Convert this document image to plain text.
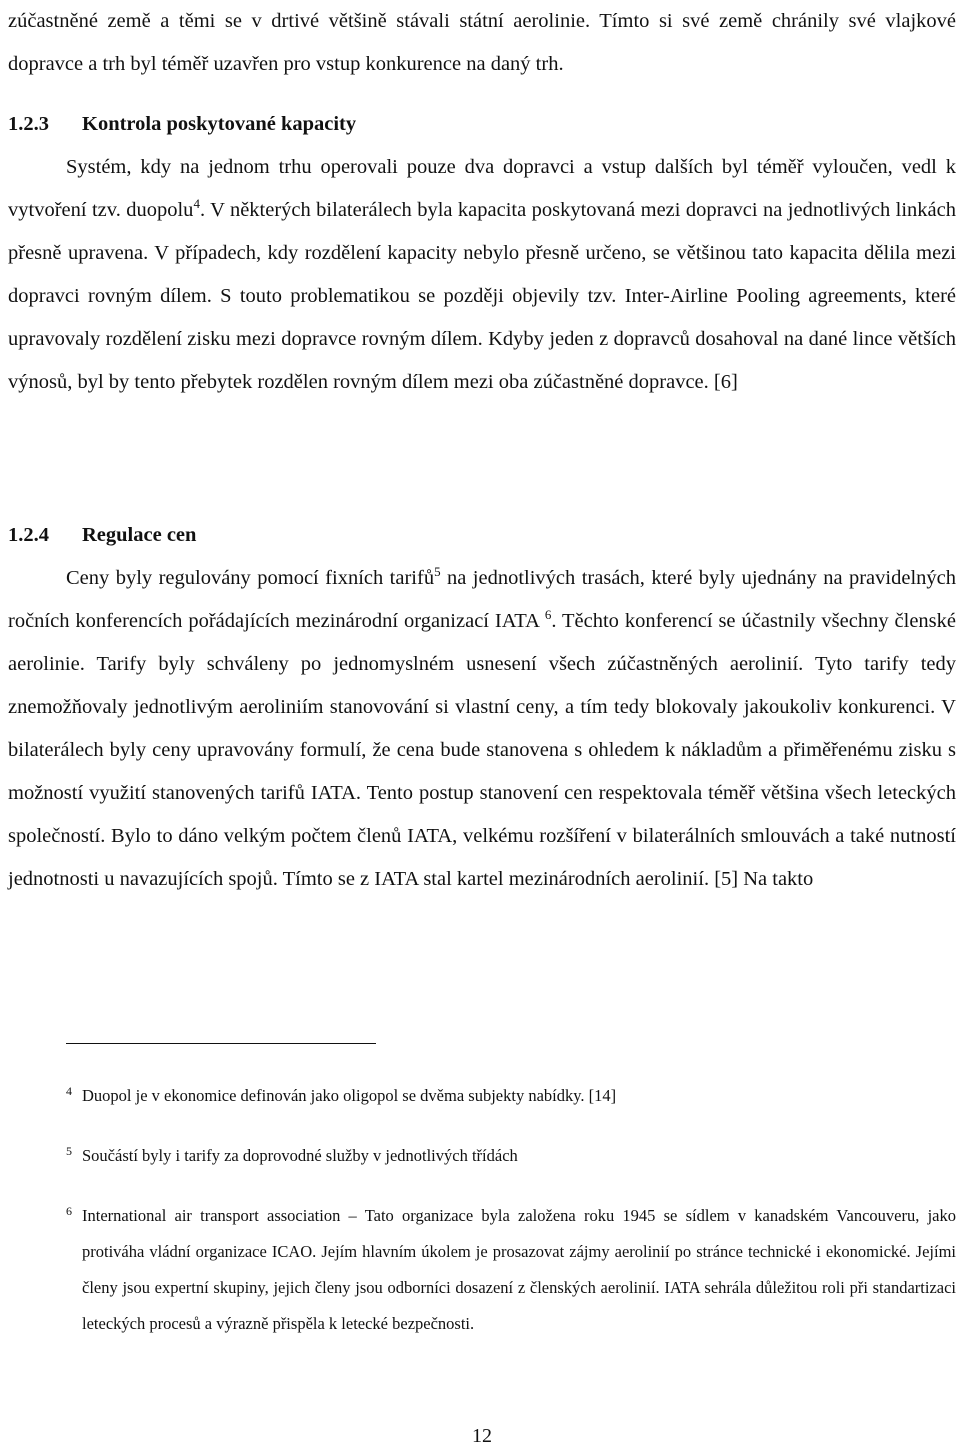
zúčastněné země a těmi se v drtivé většině stávali státní aerolinie. Tímto si své země chránily své vlajkové dopravce a trh byl téměř uzavřen pro vstup konkurence na daný trh.

1.2.3 Kontrola poskytované kapacity

Systém, kdy na jednom trhu operovali pouze dva dopravci a vstup dalších byl téměř vyloučen, vedl k vytvoření tzv. duopolu$^4$. V některých bilaterálech byla kapacita poskytovaná mezi dopravci na jednotlivých linkách přesně upravena. V případech, kdy rozdělení kapacity nebylo přesně určeno, se většinou tato kapacita dělila mezi dopravci rovným dílem. S touto problematikou se později objevily tzv. Inter-Airline Pooling agreements, které upravovaly rozdělení zisku mezi dopravce rovným dílem. Kdyby jeden z dopravců dosahoval na dané lince větších výnosů, byl by tento přebytek rozdělen rovným dílem mezi oba zúčastněné dopravce. [6]

1.2.4 Regulace cen

Ceny byly regulovány pomocí fixních tarifů$^5$ na jednotlivých trasách, které byly ujednány na pravidelných ročních konferencích pořádajících mezinárodní organizací IATA $^6$. Těchto konferencí se účastnily všechny členské aerolinie. Tarify byly schváleny po jednomyslném usnesení všech zúčastněných aerolinií. Tyto tarify tedy znemožňovaly jednotlivým aeroliniím stanovování si vlastní ceny, a tím tedy blokovaly jakoukoliv konkurenci. V bilaterálech byly ceny upravovány formulí, že cena bude stanovena s ohledem k nákladům a přiměřenému zisku s možností využití stanovených tarifů IATA. Tento postup stanovení cen respektovala téměř většina všech leteckých společností. Bylo to dáno velkým počtem členů IATA, velkému rozšíření v bilaterálních smlouvách a také nutností jednotnosti u navazujících spojů. Tímto se z IATA stal kartel mezinárodních aerolinií. [5] Na takto

4 Duopol je v ekonomice definován jako oligopol se dvěma subjekty nabídky. [14]

5 Součástí byly i tarify za doprovodné služby v jednotlivých třídách

6 International air transport association – Tato organizace byla založena roku 1945 se sídlem v kanadském Vancouveru, jako protiváha vládní organizace ICAO. Jejím hlavním úkolem je prosazovat zájmy aerolinií po stránce technické i ekonomické. Jejími členy jsou expertní skupiny, jejich členy jsou odborníci dosazení z členských aerolinií. IATA sehrála důležitou roli při standartizaci leteckých procesů a výrazně přispěla k letecké bezpečnosti.

12
